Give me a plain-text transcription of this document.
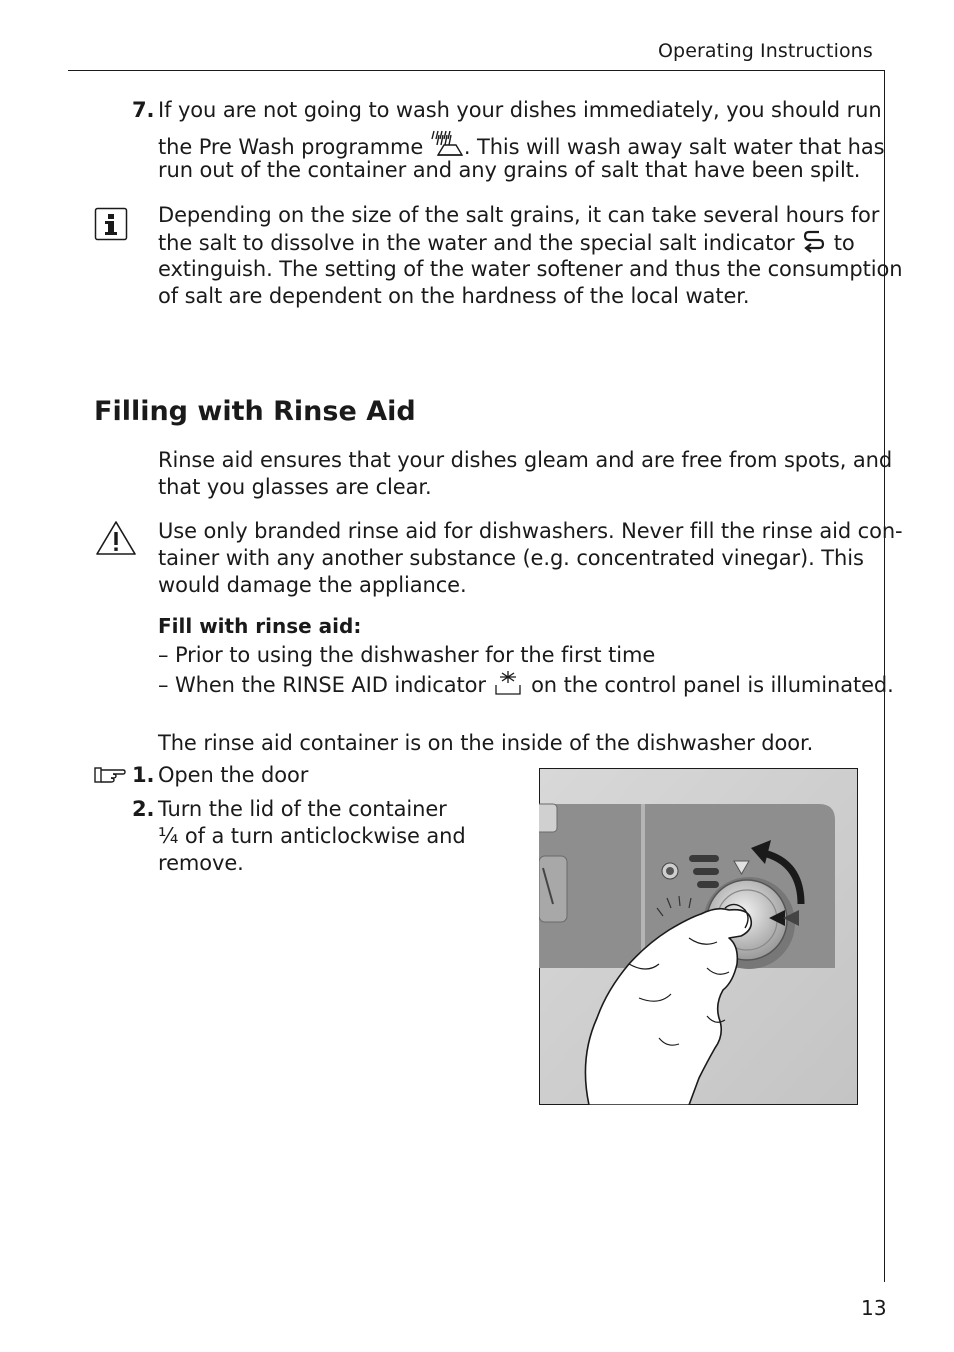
Operating Instructions
7. If you are not going to wash your dishes immediately, you should run
the Pre Wash programme . This will wash away salt water that has
run out of the container and any grains of salt that have been spilt.
Depending on the size of the salt grains, it can take several hours for
the salt to dissolve in the water and the special salt indicator to
extinguish. The setting of the water softener and thus the consumption
of salt are dependent on the hardness of the local water.
Filling with Rinse Aid
Rinse aid ensures that your dishes gleam and are free from spots, and
that you glasses are clear.
Use only branded rinse aid for dishwashers. Never fill the rinse aid con-
tainer with any another substance (e.g. concentrated vinegar). This
would damage the appliance.
Fill with rinse aid:
– Prior to using the dishwasher for the first time
– When the RINSE AID indicator on the control panel is illuminated.
The rinse aid container is on the inside of the dishwasher door.
1. Open the door
2. Turn the lid of the container
¼ of a turn anticlockwise and
remove.
13
